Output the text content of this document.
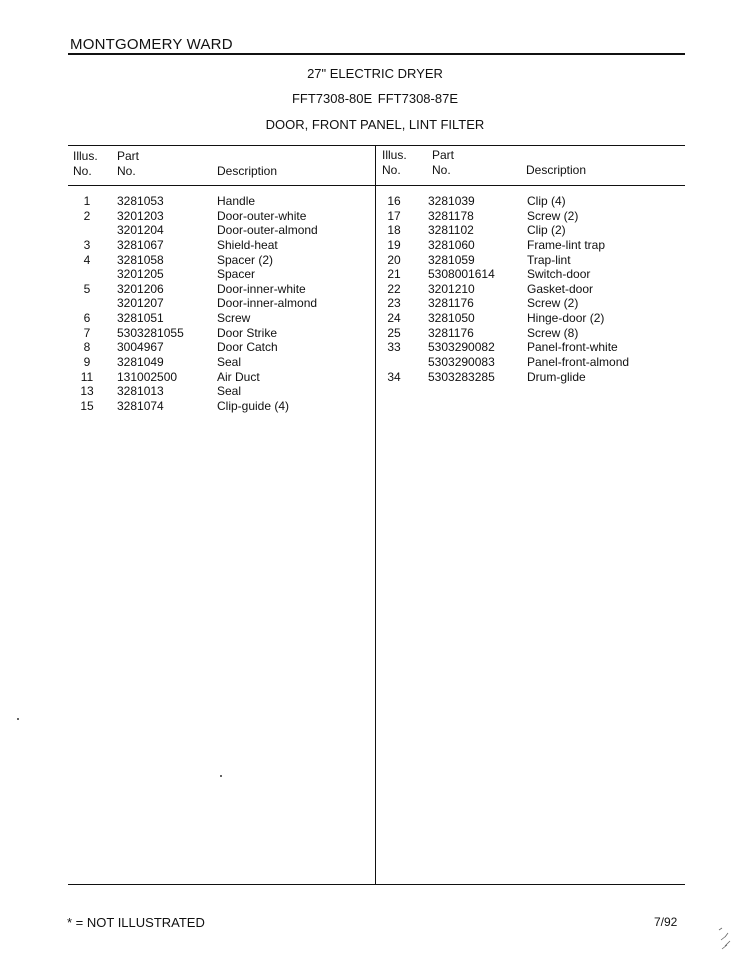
MONTGOMERY WARD
27" ELECTRIC DRYER
FFT7308-80E FFT7308-87E
DOOR, FRONT PANEL, LINT FILTER
Illus.
No.
Part
No.	Description
Illus.
No.
Part
No.	Description
1	3281053	Handle
2	3201203	Door-outer-white
3201204	Door-outer-almond
3	3281067	Shield-heat
4	3281058	Spacer (2)
3201205	Spacer
5	3201206	Door-inner-white
3201207	Door-inner-almond
6	3281051	Screw
7	5303281055	Door Strike
8	3004967	Door Catch
9	3281049	Seal
11	131002500	Air Duct
13	3281013	Seal
15	3281074	Clip-guide (4)
16	3281039	Clip (4)
17	3281178	Screw (2)
18	3281102	Clip (2)
19	3281060	Frame-lint trap
20	3281059	Trap-lint
21	5308001614	Switch-door
22	3201210	Gasket-door
23	3281176	Screw (2)
24	3281050	Hinge-door (2)
25	3281176	Screw (8)
33	5303290082	Panel-front-white
5303290083	Panel-front-almond
34	5303283285	Drum-glide
* = NOT ILLUSTRATED	7/92
